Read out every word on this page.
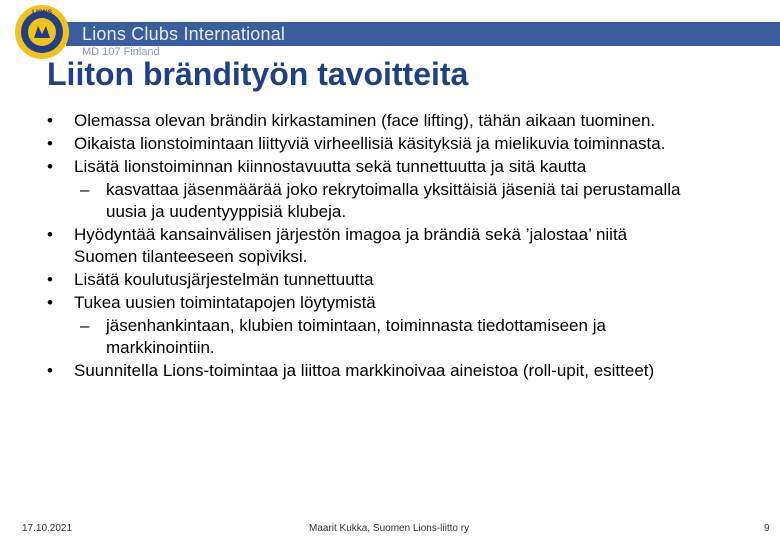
LIONS
Lions Clubs International
MD 107 Finland
Liiton brändityön tavoitteita
• Olemassa olevan brändin kirkastaminen (face lifting), tähän aikaan tuominen.
• Oikaista lionstoimintaan liittyviä virheellisiä käsityksiä ja mielikuvia toiminnasta.
• Lisätä lionstoiminnan kiinnostavuutta sekä tunnettuutta ja sitä kautta
– kasvattaa jäsenmäärää joko rekrytoimalla yksittäisiä jäseniä tai perustamalla uusia ja uudentyyppisiä klubeja.
• Hyödyntää kansainvälisen järjestön imagoa ja brändiä sekä ’jalostaa’ niitä Suomen tilanteeseen sopiviksi.
• Lisätä koulutusjärjestelmän tunnettuutta
• Tukea uusien toimintatapojen löytymistä
– jäsenhankintaan, klubien toimintaan, toiminnasta tiedottamiseen ja markkinointiin.
• Suunnitella Lions-toimintaa ja liittoa markkinoivaa aineistoa (roll-upit, esitteet)
17.10.2021	Maarit Kukka, Suomen Lions-liitto ry	9
